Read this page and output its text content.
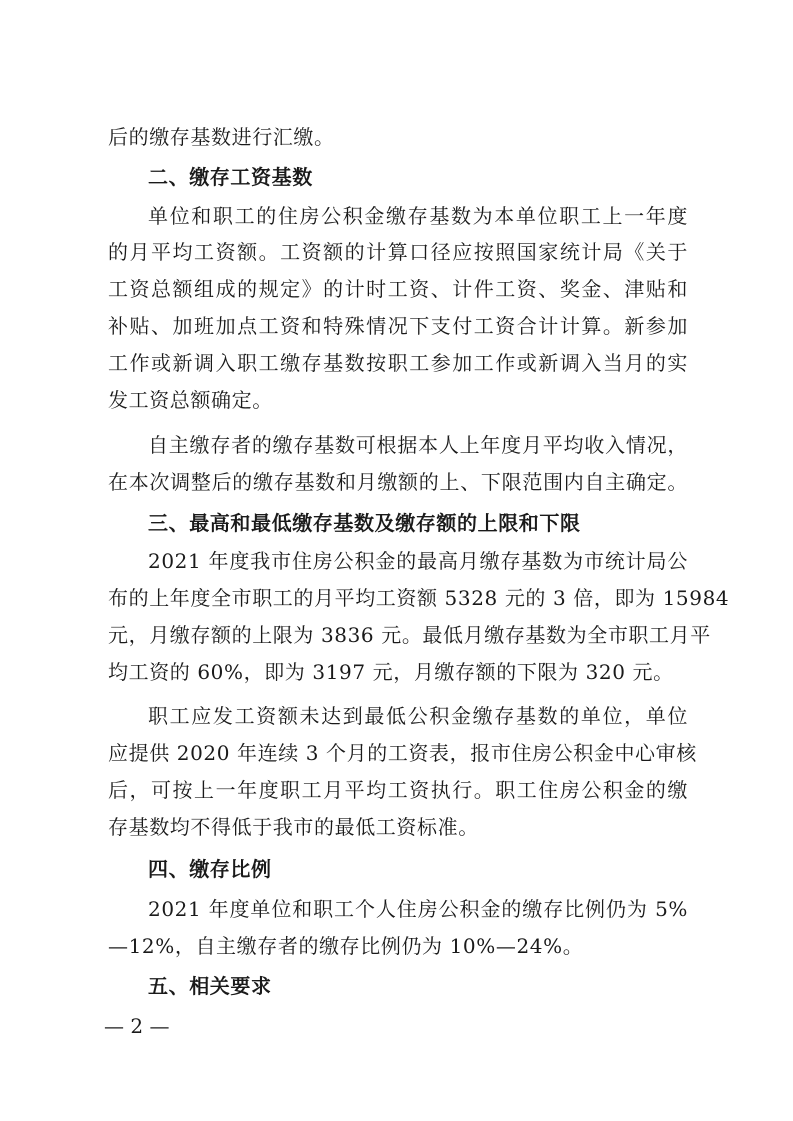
后的缴存基数进行汇缴。
二、缴存工资基数
单位和职工的住房公积金缴存基数为本单位职工上一年度
的月平均工资额。工资额的计算口径应按照国家统计局《关于
工资总额组成的规定》的计时工资、计件工资、奖金、津贴和
补贴、加班加点工资和特殊情况下支付工资合计计算。新参加
工作或新调入职工缴存基数按职工参加工作或新调入当月的实
发工资总额确定。
自主缴存者的缴存基数可根据本人上年度月平均收入情况，
在本次调整后的缴存基数和月缴额的上、下限范围内自主确定。
三、最高和最低缴存基数及缴存额的上限和下限
2021 年度我市住房公积金的最高月缴存基数为市统计局公
布的上年度全市职工的月平均工资额 5328 元的 3 倍，即为 15984
元，月缴存额的上限为 3836 元。最低月缴存基数为全市职工月平
均工资的 60%，即为 3197 元，月缴存额的下限为 320 元。
职工应发工资额未达到最低公积金缴存基数的单位，单位
应提供 2020 年连续 3 个月的工资表，报市住房公积金中心审核
后，可按上一年度职工月平均工资执行。职工住房公积金的缴
存基数均不得低于我市的最低工资标准。
四、缴存比例
2021 年度单位和职工个人住房公积金的缴存比例仍为 5%
—12%，自主缴存者的缴存比例仍为 10%—24%。
五、相关要求
— 2 —
